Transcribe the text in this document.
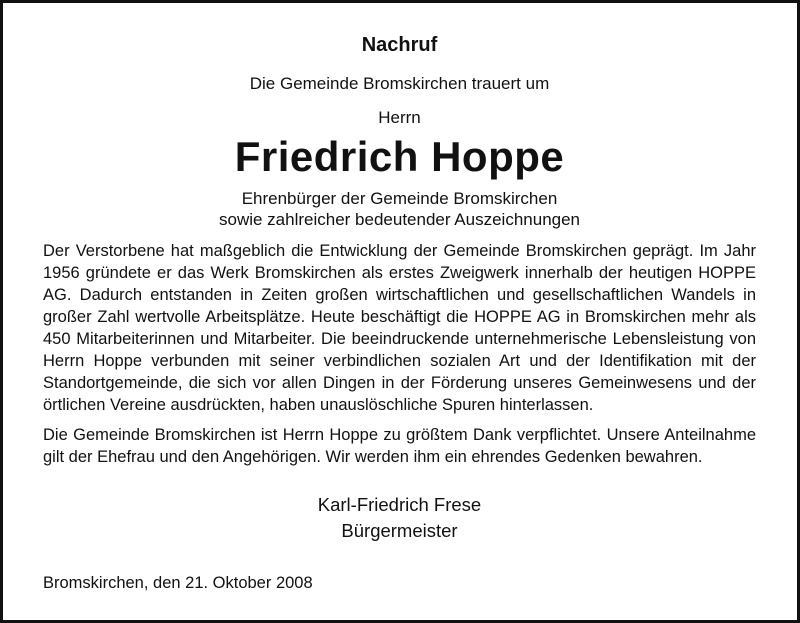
Nachruf
Die Gemeinde Bromskirchen trauert um
Herrn
Friedrich Hoppe
Ehrenbürger der Gemeinde Bromskirchen
sowie zahlreicher bedeutender Auszeichnungen
Der Verstorbene hat maßgeblich die Entwicklung der Gemeinde Bromskirchen geprägt. Im Jahr 1956 gründete er das Werk Bromskirchen als erstes Zweigwerk innerhalb der heutigen HOPPE AG. Dadurch entstanden in Zeiten großen wirtschaftlichen und gesellschaftlichen Wandels in großer Zahl wertvolle Arbeitsplätze. Heute beschäftigt die HOPPE AG in Bromskirchen mehr als 450 Mitarbeiterinnen und Mitarbeiter. Die beeindruckende unternehmerische Lebensleistung von Herrn Hoppe verbunden mit seiner verbindlichen sozialen Art und der Identifikation mit der Standortgemeinde, die sich vor allen Dingen in der Förderung unseres Gemeinwesens und der örtlichen Vereine ausdrückten, haben unauslöschliche Spuren hinterlassen.
Die Gemeinde Bromskirchen ist Herrn Hoppe zu größtem Dank verpflichtet. Unsere Anteilnahme gilt der Ehefrau und den Angehörigen. Wir werden ihm ein ehrendes Gedenken bewahren.
Karl-Friedrich Frese
Bürgermeister
Bromskirchen, den 21. Oktober 2008
